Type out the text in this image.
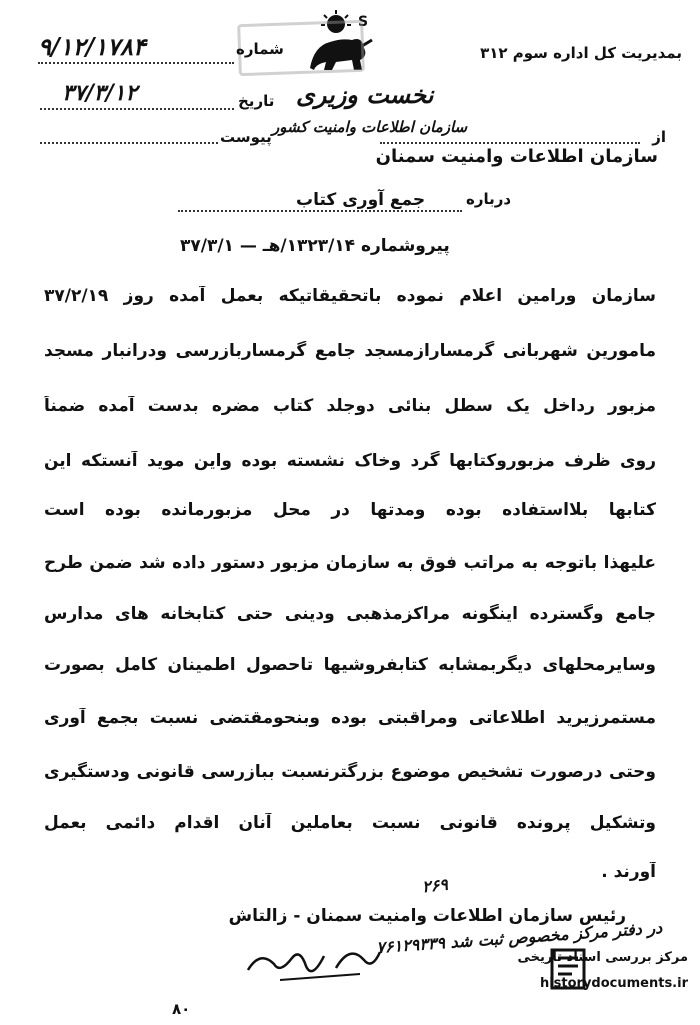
S
نخست وزیری
سازمان اطلاعات وامنیت کشور
بمدیریت کل اداره سوم ۳۱۲
شماره
۹/۱۲/۱۷۸۴
تاریخ
۳۷/۳/۱۲
پیوست	از
سازمان اطلاعات وامنیت سمنان
درباره
جمع آوری کتاب
پیروشماره ۱۳۲۳/۱۴/هـ — ۳۷/۳/۱
سازمان ورامین اعلام نموده باتحقیقاتیکه بعمل آمده روز ۳۷/۲/۱۹
مامورین شهربانی گرمسارازمسجد جامع گرمساربازرسی ودرانبار مسجد
مزبور رداخل یک سطل بنائی دوجلد کتاب مضره بدست آمده ضمناً
روی ظرف مزبوروکتابها گرد وخاک نشسته بوده واین موید آنستکه این
کتابها بلااستفاده بوده ومدتها در محل مزبورمانده بوده است
علیهذا باتوجه به مراتب فوق به سازمان مزبور دستور داده شد ضمن طرح
جامع وگسترده اینگونه مراکزمذهبی ودینی حتی کتابخانه های مدارس
وسایرمحلهای دیگربمشابه کتابفروشیها تاحصول اطمینان کامل بصورت
مستمرزیرید اطلاعاتی ومراقبتی بوده وبنحومقتضی نسبت بجمع آوری
وحتی درصورت تشخیص موضوع بزرگترنسبت ببازرسی قانونی ودستگیری
وتشکیل پرونده قانونی نسبت بعاملین آنان اقدام دائمی بعمل
آورند .
۲۶۹
رئیس سازمان اطلاعات وامنیت سمنان - زالتاش
در دفتر مرکز مخصوص ثبت شد ۷۶۱۲۹۳۳۹
۸۰
مرکز بررسی اسناد تاریخی
historydocuments.ir
